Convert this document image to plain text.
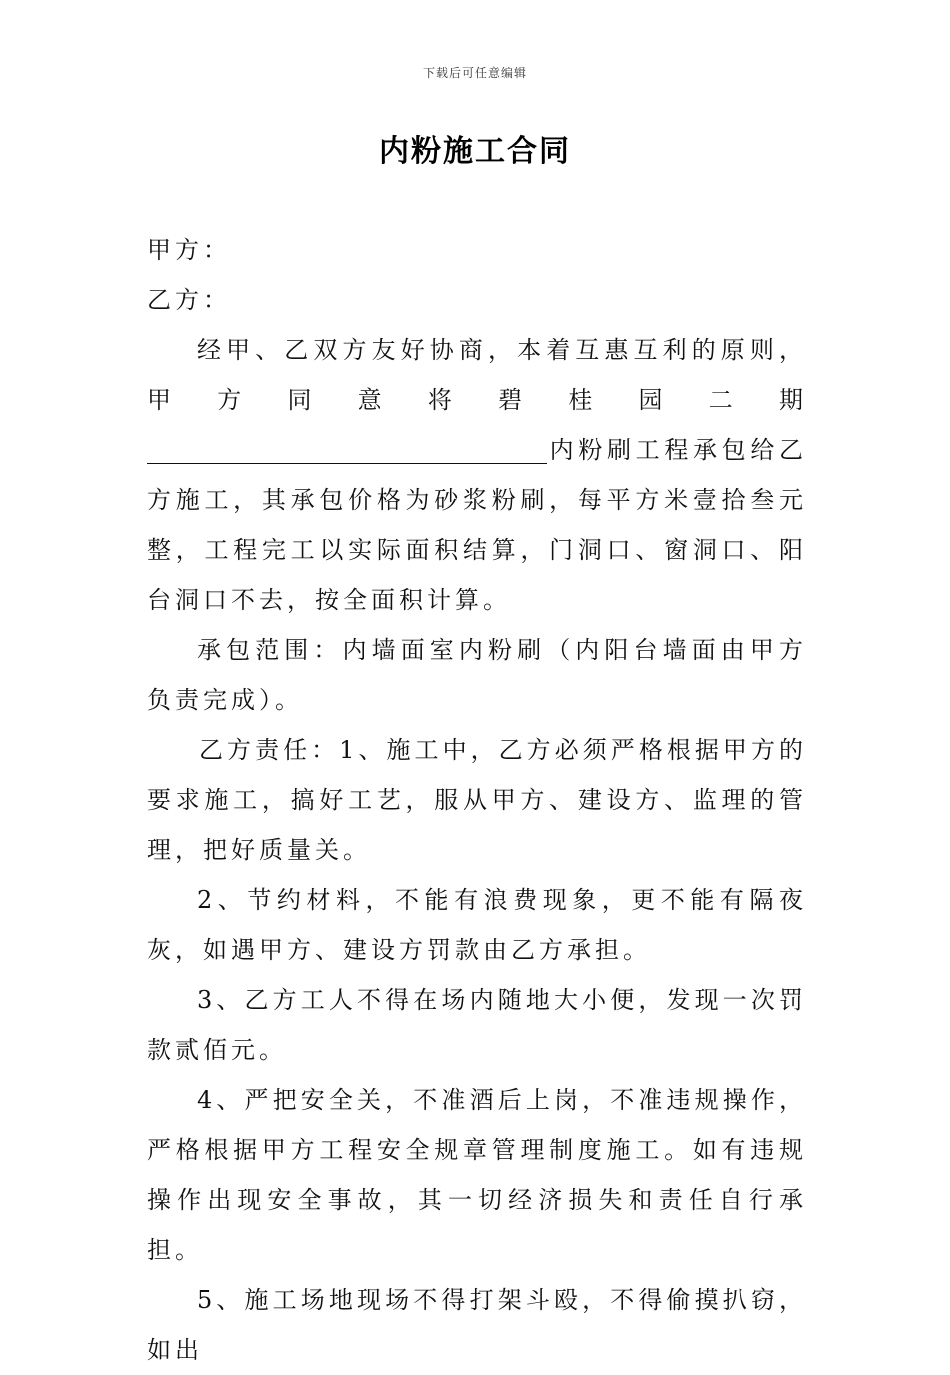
下载后可任意编辑
内粉施工合同

甲方：

乙方：

经甲、乙双方友好协商，本着互惠互利的原则，甲方同意将碧桂园二期内粉刷工程承包给乙方施工，其承包价格为砂浆粉刷，每平方米壹拾叁元整，工程完工以实际面积结算，门洞口、窗洞口、阳台洞口不去，按全面积计算。

承包范围：内墙面室内粉刷（内阳台墙面由甲方负责完成）。

乙方责任：1、施工中，乙方必须严格根据甲方的要求施工，搞好工艺，服从甲方、建设方、监理的管理，把好质量关。

2、节约材料，不能有浪费现象，更不能有隔夜灰，如遇甲方、建设方罚款由乙方承担。

3、乙方工人不得在场内随地大小便，发现一次罚款贰佰元。

4、严把安全关，不准酒后上岗，不准违规操作，严格根据甲方工程安全规章管理制度施工。如有违规操作出现安全事故，其一切经济损失和责任自行承担。

5、施工场地现场不得打架斗殴，不得偷摸扒窃，如出
